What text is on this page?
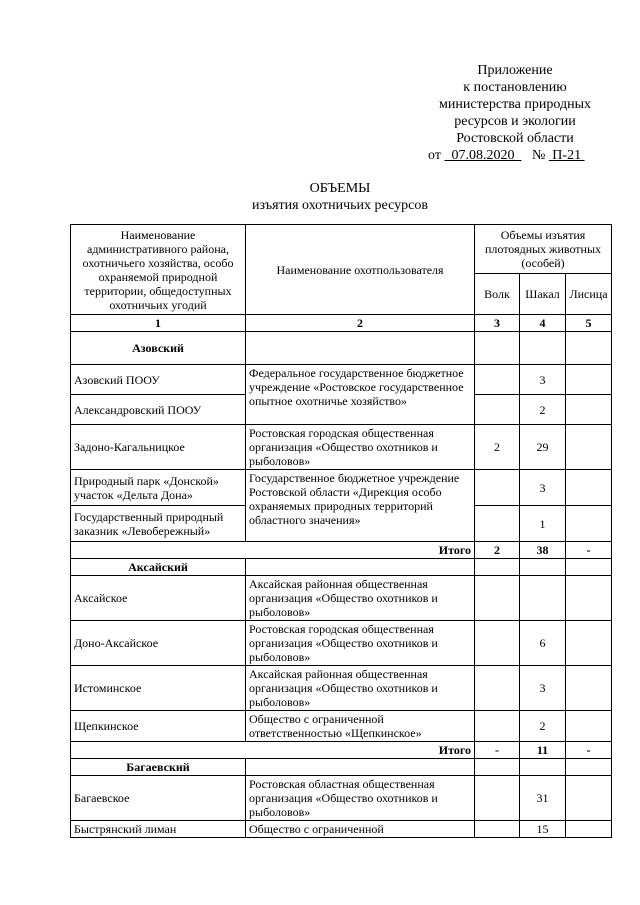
Приложение
к постановлению
министерства природных
ресурсов и экологии
Ростовской области
от 07.08.2020 № П-21
ОБЪЕМЫ
изъятия охотничьих ресурсов
Наименование административного района, охотничьего хозяйства, особо охраняемой природной территории, общедоступных охотничьих угодий	Наименование охотпользователя	Объемы изъятия плотоядных животных (особей)		
		Волк	Шакал	Лисица
1	2	3	4	5
Азовский				
Азовский ПООУ	Федеральное государственное бюджетное учреждение «Ростовское государственное опытное охотничье хозяйство»		3	
Александровский ПООУ			2	
Задоно-Кагальницкое	Ростовская городская общественная организация «Общество охотников и рыболовов»	2	29	
Природный парк «Донской» участок «Дельта Дона»	Государственное бюджетное учреждение Ростовской области «Дирекция особо охраняемых природных территорий областного значения»		3	
Государственный природный заказник «Левобережный»			1	
Итого		2	38	-
Аксайский				
Аксайское	Аксайская районная общественная организация «Общество охотников и рыболовов»			
Доно-Аксайское	Ростовская городская общественная организация «Общество охотников и рыболовов»		6	
Истоминское	Аксайская районная общественная организация «Общество охотников и рыболовов»		3	
Щепкинское	Общество с ограниченной ответственностью «Щепкинское»		2	
Итого		-	11	-
Багаевский				
Багаевское	Ростовская областная общественная организация «Общество охотников и рыболовов»		31	
Быстрянский лиман	Общество с ограниченной		15	
